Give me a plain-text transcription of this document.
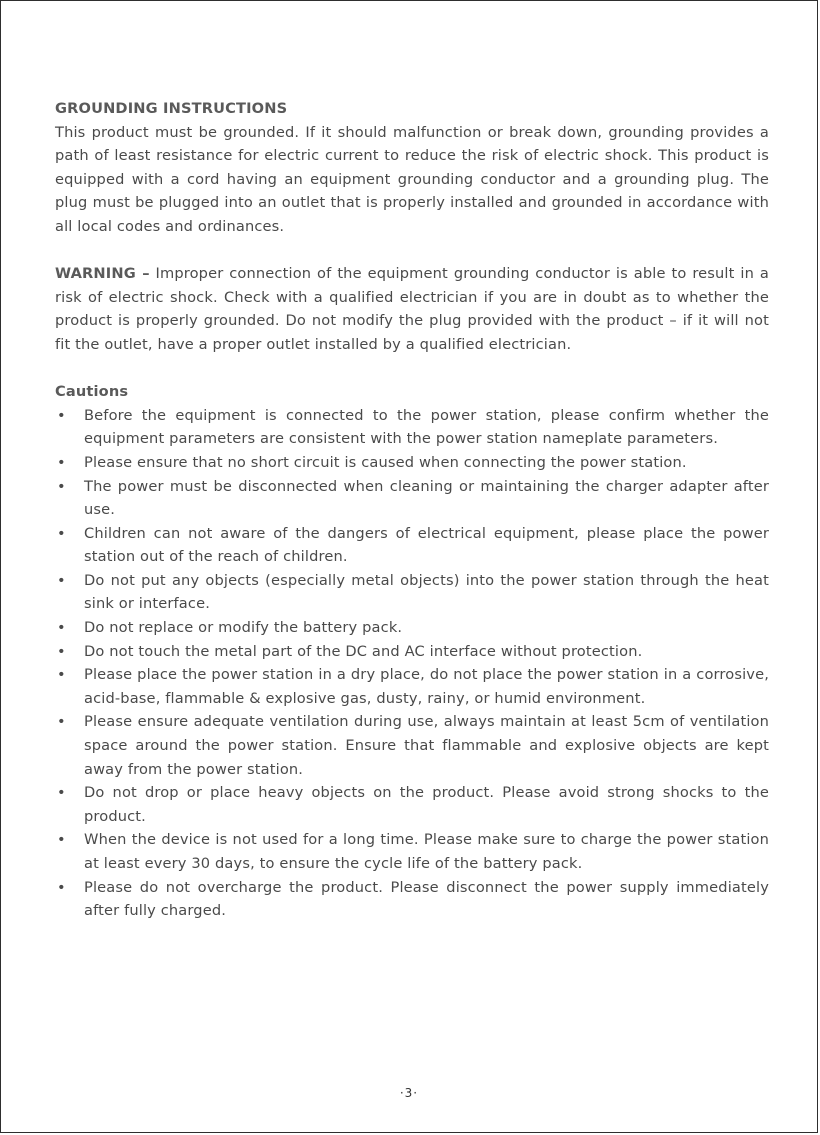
GROUNDING INSTRUCTIONS

This product must be grounded. If it should malfunction or break down, grounding provides a path of least resistance for electric current to reduce the risk of electric shock. This product is equipped with a cord having an equipment grounding conductor and a grounding plug. The plug must be plugged into an outlet that is properly installed and grounded in accordance with all local codes and ordinances.

WARNING – Improper connection of the equipment grounding conductor is able to result in a risk of electric shock. Check with a qualified electrician if you are in doubt as to whether the product is properly grounded. Do not modify the plug provided with the product – if it will not fit the outlet, have a proper outlet installed by a qualified electrician.

Cautions

• Before the equipment is connected to the power station, please confirm whether the equipment parameters are consistent with the power station nameplate parameters.
• Please ensure that no short circuit is caused when connecting the power station.
• The power must be disconnected when cleaning or maintaining the charger adapter after use.
• Children can not aware of the dangers of electrical equipment, please place the power station out of the reach of children.
• Do not put any objects (especially metal objects) into the power station through the heat sink or interface.
• Do not replace or modify the battery pack.
• Do not touch the metal part of the DC and AC interface without protection.
• Please place the power station in a dry place, do not place the power station in a corrosive, acid-base, flammable & explosive gas, dusty, rainy, or humid environment.
• Please ensure adequate ventilation during use, always maintain at least 5cm of ventilation space around the power station. Ensure that flammable and explosive objects are kept away from the power station.
• Do not drop or place heavy objects on the product. Please avoid strong shocks to the product.
• When the device is not used for a long time. Please make sure to charge the power station at least every 30 days, to ensure the cycle life of the battery pack.
• Please do not overcharge the product. Please disconnect the power supply immediately after fully charged.
·3·
